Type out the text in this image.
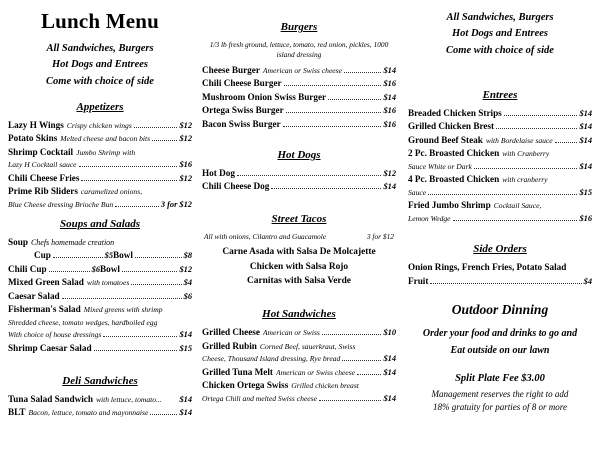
Lunch Menu
All Sandwiches, Burgers
Hot Dogs and Entrees
Come with choice of side
Appetizers
Lazy H Wings Crispy chicken wings	$12
Potato Skins Melted cheese and bacon bits	$12
Shrimp Cocktail Jumbo Shrimp with
Lazy H Cocktail sauce	$16
Chili Cheese Fries	$12
Prime Rib Sliders caramelized onions,
Blue Cheese dressing Brioche Bun	3 for $12
Soups and Salads
Soup Chefs homemade creation
Cup	$5 Bowl	$8
Chili Cup	$6 Bowl	$12
Mixed Green Salad with tomatoes	$4
Caesar Salad	$6
Fisherman's Salad Mixed greens with shrimp
Shredded cheese, tomato wedges, hardboiled egg
With choice of house dressings	$14
Shrimp Caesar Salad	$15
Deli Sandwiches
Tuna Salad Sandwich with lettuce, tomato... $14
BLT Bacon, lettuce, tomato and mayonnaise	$14
Burgers
1/3 lb fresh ground, lettuce, tomato, red onion, pickles, 1000 island dressing
Cheese Burger American or Swiss cheese	$14
Chili Cheese Burger	$16
Mushroom Onion Swiss Burger	$14
Ortega Swiss Burger	$16
Bacon Swiss Burger	$16
Hot Dogs
Hot Dog	$12
Chili Cheese Dog	$14
Street Tacos
All with onions, Cilantro and Guacamole	3 for $12
Carne Asada with Salsa De Molcajette
Chicken with Salsa Rojo
Carnitas with Salsa Verde
Hot Sandwiches
Grilled Cheese American or Swiss	$10
Grilled Rubin Corned Beef, sauerkraut, Swiss
Cheese, Thousand Island dressing, Rye bread	$14
Grilled Tuna Melt American or Swiss cheese	$14
Chicken Ortega Swiss Grilled chicken breast
Ortega Chili and melted Swiss cheese	$14
All Sandwiches, Burgers
Hot Dogs and Entrees
Come with choice of side
Entrees
Breaded Chicken Strips	$14
Grilled Chicken Brest	$14
Ground Beef Steak with Bordelaise sauce	$14
2 Pc. Broasted Chicken with Cranberry
Sauce White or Dark	$14
4 Pc. Broasted Chicken with cranberry
Sauce	$15
Fried Jumbo Shrimp Cocktail Sauce,
Lemon Wedge	$16
Side Orders
Onion Rings, French Fries, Potato Salad
Fruit	$4
Outdoor Dinning
Order your food and drinks to go and
Eat outside on our lawn
Split Plate Fee $3.00
Management reserves the right to add
18% gratuity for parties of 8 or more
